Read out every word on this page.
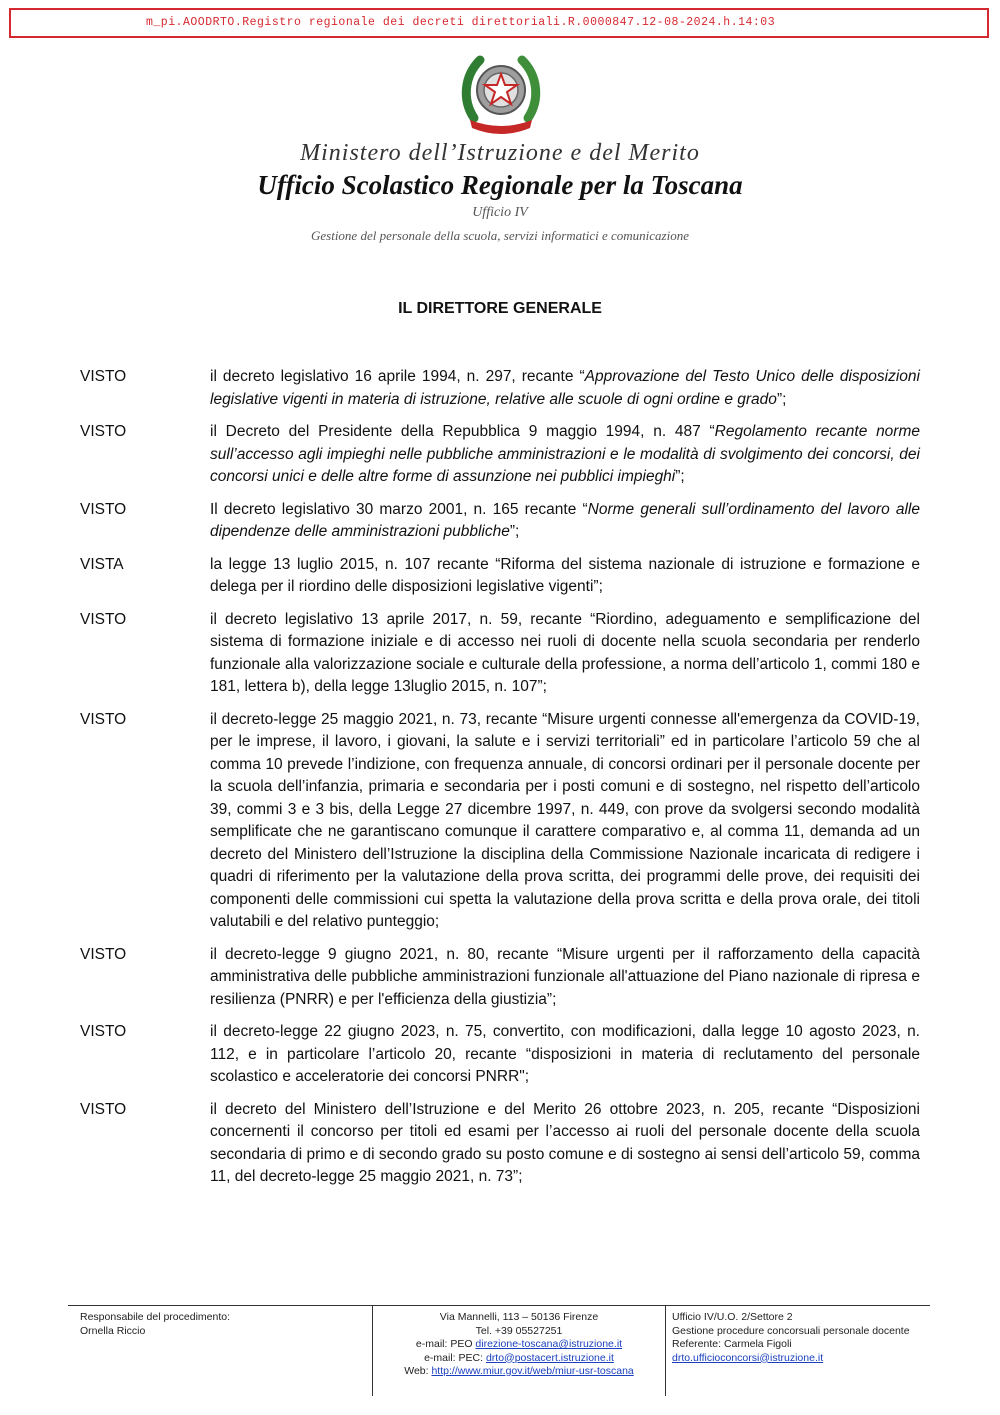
m_pi.AOODRTO.Registro regionale dei decreti direttoriali.R.0000847.12-08-2024.h.14:03
Ministero dell’Istruzione e del Merito
Ufficio Scolastico Regionale per la Toscana
Ufficio IV
Gestione del personale della scuola, servizi informatici e comunicazione
IL DIRETTORE GENERALE
VISTO	il decreto legislativo 16 aprile 1994, n. 297, recante “Approvazione del Testo Unico delle disposizioni legislative vigenti in materia di istruzione, relative alle scuole di ogni ordine e grado”;
VISTO	il Decreto del Presidente della Repubblica 9 maggio 1994, n. 487 “Regolamento recante norme sull’accesso agli impieghi nelle pubbliche amministrazioni e le modalità di svolgimento dei concorsi, dei concorsi unici e delle altre forme di assunzione nei pubblici impieghi”;
VISTO	Il decreto legislativo 30 marzo 2001, n. 165 recante “Norme generali sull’ordinamento del lavoro alle dipendenze delle amministrazioni pubbliche”;
VISTA	la legge 13 luglio 2015, n. 107 recante “Riforma del sistema nazionale di istruzione e formazione e delega per il riordino delle disposizioni legislative vigenti”;
VISTO	il decreto legislativo 13 aprile 2017, n. 59, recante “Riordino, adeguamento e semplificazione del sistema di formazione iniziale e di accesso nei ruoli di docente nella scuola secondaria per renderlo funzionale alla valorizzazione sociale e culturale della professione, a norma dell’articolo 1, commi 180 e 181, lettera b), della legge 13luglio 2015, n. 107”;
VISTO	il decreto-legge 25 maggio 2021, n. 73, recante “Misure urgenti connesse all'emergenza da COVID-19, per le imprese, il lavoro, i giovani, la salute e i servizi territoriali” ed in particolare l’articolo 59 che al comma 10 prevede l’indizione, con frequenza annuale, di concorsi ordinari per il personale docente per la scuola dell’infanzia, primaria e secondaria per i posti comuni e di sostegno, nel rispetto dell’articolo 39, commi 3 e 3 bis, della Legge 27 dicembre 1997, n. 449, con prove da svolgersi secondo modalità semplificate che ne garantiscano comunque il carattere comparativo e, al comma 11, demanda ad un decreto del Ministero dell’Istruzione la disciplina della Commissione Nazionale incaricata di redigere i quadri di riferimento per la valutazione della prova scritta, dei programmi delle prove, dei requisiti dei componenti delle commissioni cui spetta la valutazione della prova scritta e della prova orale, dei titoli valutabili e del relativo punteggio;
VISTO	il decreto-legge 9 giugno 2021, n. 80, recante “Misure urgenti per il rafforzamento della capacità amministrativa delle pubbliche amministrazioni funzionale all'attuazione del Piano nazionale di ripresa e resilienza (PNRR) e per l'efficienza della giustizia”;
VISTO	il decreto-legge 22 giugno 2023, n. 75, convertito, con modificazioni, dalla legge 10 agosto 2023, n. 112, e in particolare l’articolo 20, recante “disposizioni in materia di reclutamento del personale scolastico e acceleratorie dei concorsi PNRR";
VISTO	il decreto del Ministero dell’Istruzione e del Merito 26 ottobre 2023, n. 205, recante “Disposizioni concernenti il concorso per titoli ed esami per l’accesso ai ruoli del personale docente della scuola secondaria di primo e di secondo grado su posto comune e di sostegno ai sensi dell’articolo 59, comma 11, del decreto-legge 25 maggio 2021, n. 73”;
Responsabile del procedimento:
Ornella Riccio
Via Mannelli, 113 – 50136 Firenze
Tel. +39 05527251
e-mail: PEO direzione-toscana@istruzione.it
e-mail: PEC: drto@postacert.istruzione.it
Web: http://www.miur.gov.it/web/miur-usr-toscana
Ufficio IV/U.O. 2/Settore 2
Gestione procedure concorsuali personale docente
Referente: Carmela Figoli
drto.ufficioconcorsi@istruzione.it
